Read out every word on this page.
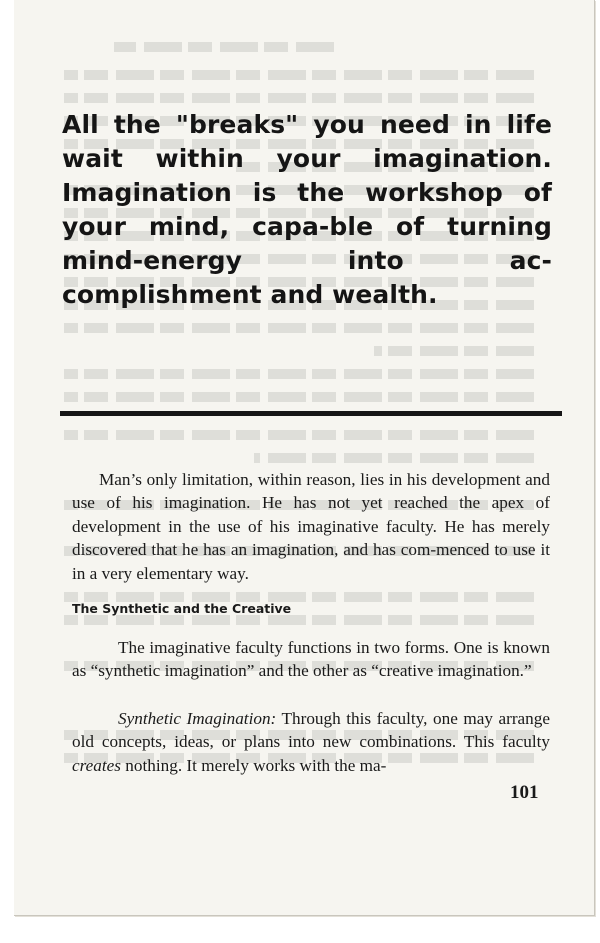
All the "breaks" you need in life wait within your imagination. Imagination is the workshop of your mind, capa-ble of turning mind-energy into ac-complishment and wealth.
Man’s only limitation, within reason, lies in his development and use of his imagination. He has not yet reached the apex of development in the use of his imaginative faculty. He has merely discovered that he has an imagination, and has com-menced to use it in a very elementary way.
The Synthetic and the Creative
The imaginative faculty functions in two forms. One is known as “synthetic imagination” and the other as “creative imagination.”
Synthetic Imagination: Through this faculty, one may arrange old concepts, ideas, or plans into new combinations. This faculty creates nothing. It merely works with the ma-
101
